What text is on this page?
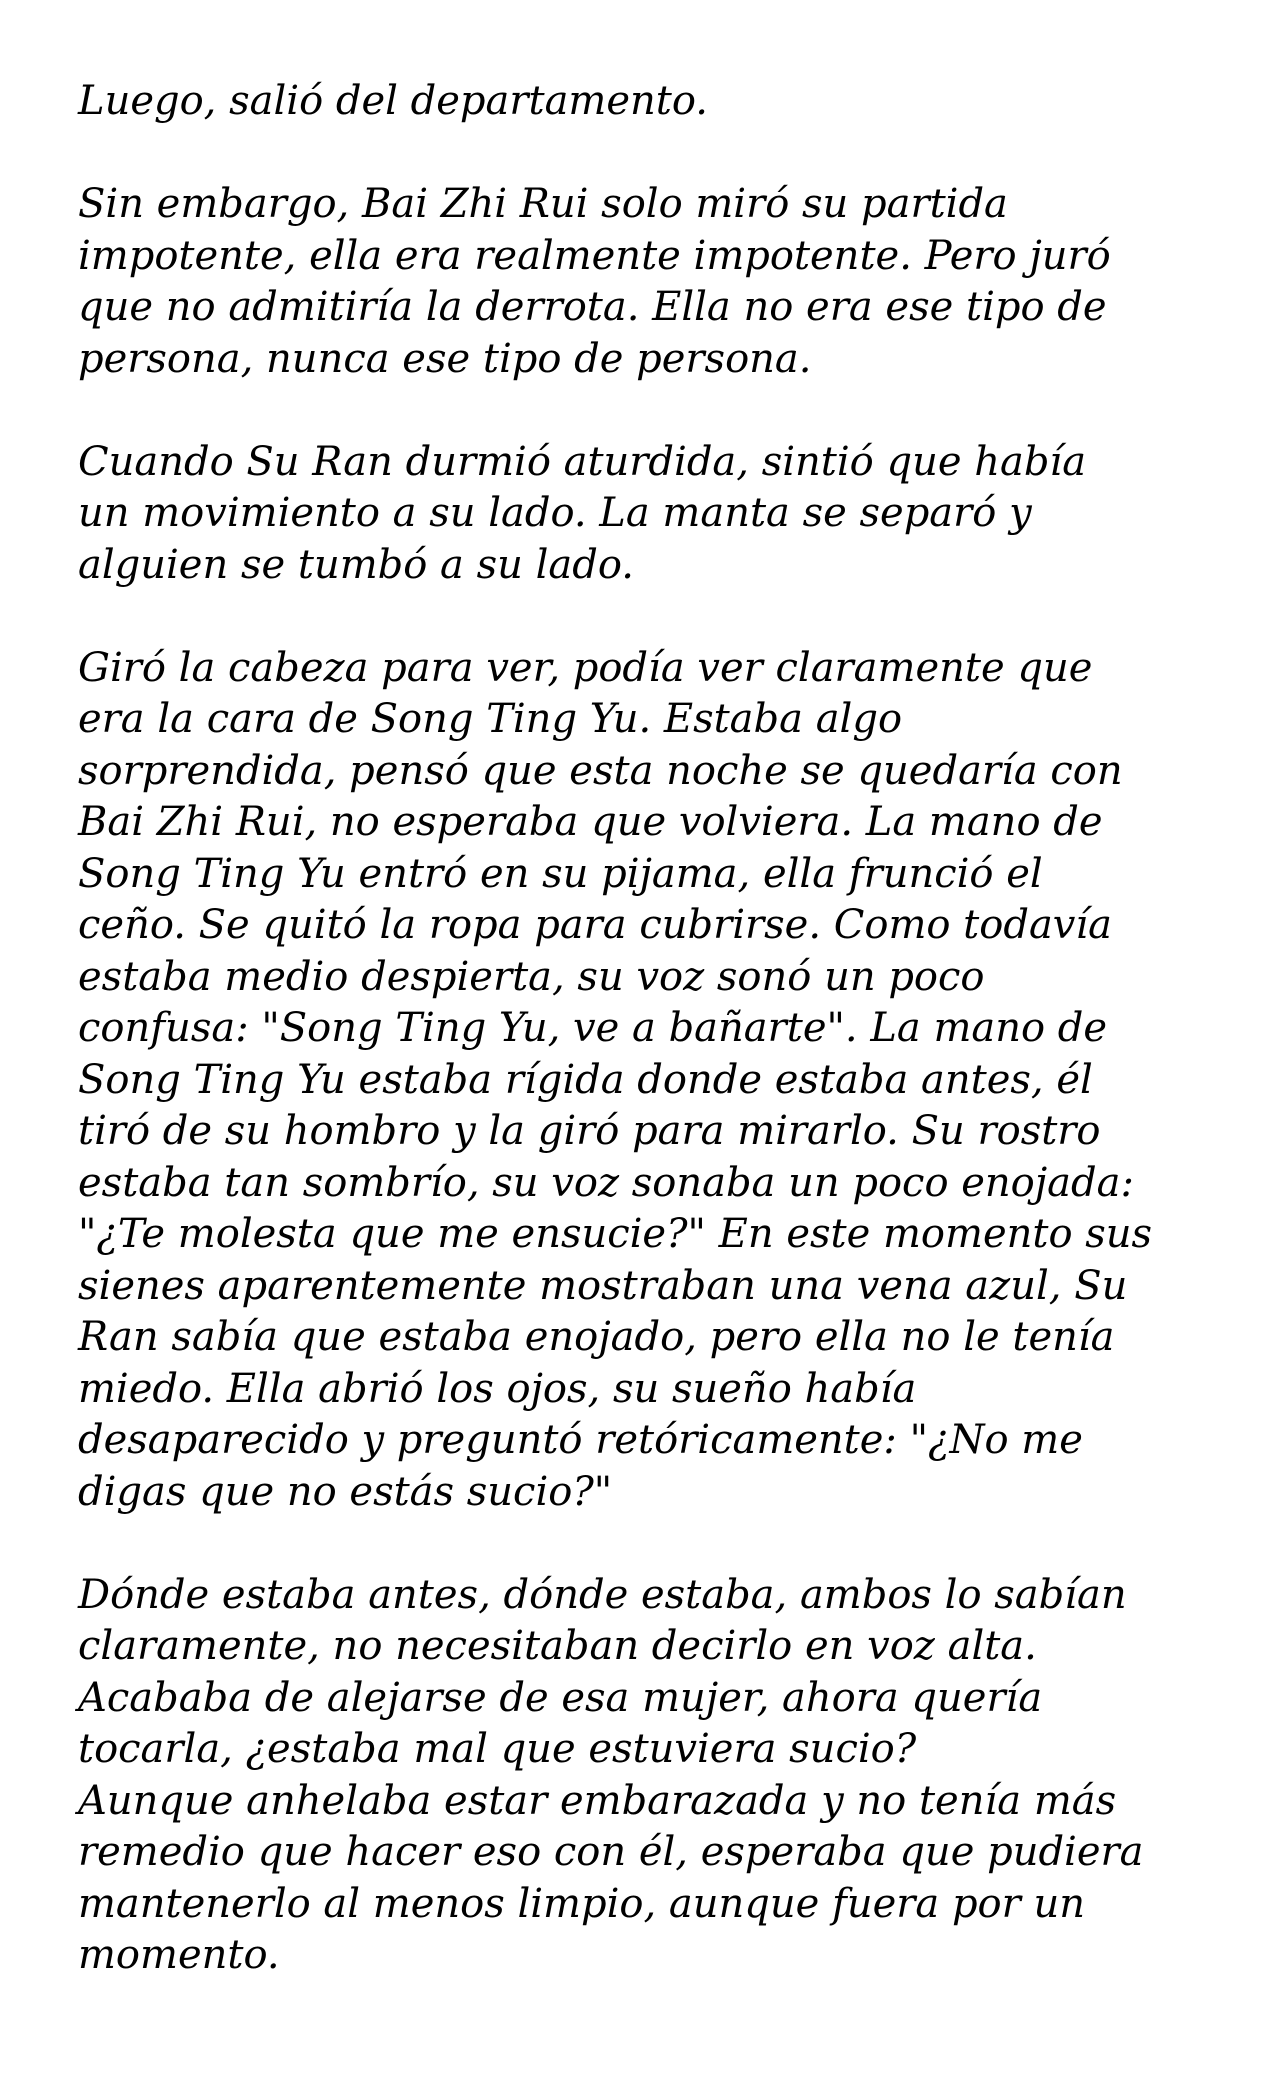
Luego, salió del departamento.

Sin embargo, Bai Zhi Rui solo miró su partida
impotente, ella era realmente impotente. Pero juró
que no admitiría la derrota. Ella no era ese tipo de
persona, nunca ese tipo de persona.

Cuando Su Ran durmió aturdida, sintió que había
un movimiento a su lado. La manta se separó y
alguien se tumbó a su lado.

Giró la cabeza para ver, podía ver claramente que
era la cara de Song Ting Yu. Estaba algo
sorprendida, pensó que esta noche se quedaría con
Bai Zhi Rui, no esperaba que volviera. La mano de
Song Ting Yu entró en su pijama, ella frunció el
ceño. Se quitó la ropa para cubrirse. Como todavía
estaba medio despierta, su voz sonó un poco
confusa: "Song Ting Yu, ve a bañarte". La mano de
Song Ting Yu estaba rígida donde estaba antes, él
tiró de su hombro y la giró para mirarlo. Su rostro
estaba tan sombrío, su voz sonaba un poco enojada:
"¿Te molesta que me ensucie?" En este momento sus
sienes aparentemente mostraban una vena azul, Su
Ran sabía que estaba enojado, pero ella no le tenía
miedo. Ella abrió los ojos, su sueño había
desaparecido y preguntó retóricamente: "¿No me
digas que no estás sucio?"

Dónde estaba antes, dónde estaba, ambos lo sabían
claramente, no necesitaban decirlo en voz alta.
Acababa de alejarse de esa mujer, ahora quería
tocarla, ¿estaba mal que estuviera sucio?
Aunque anhelaba estar embarazada y no tenía más
remedio que hacer eso con él, esperaba que pudiera
mantenerlo al menos limpio, aunque fuera por un
momento.
